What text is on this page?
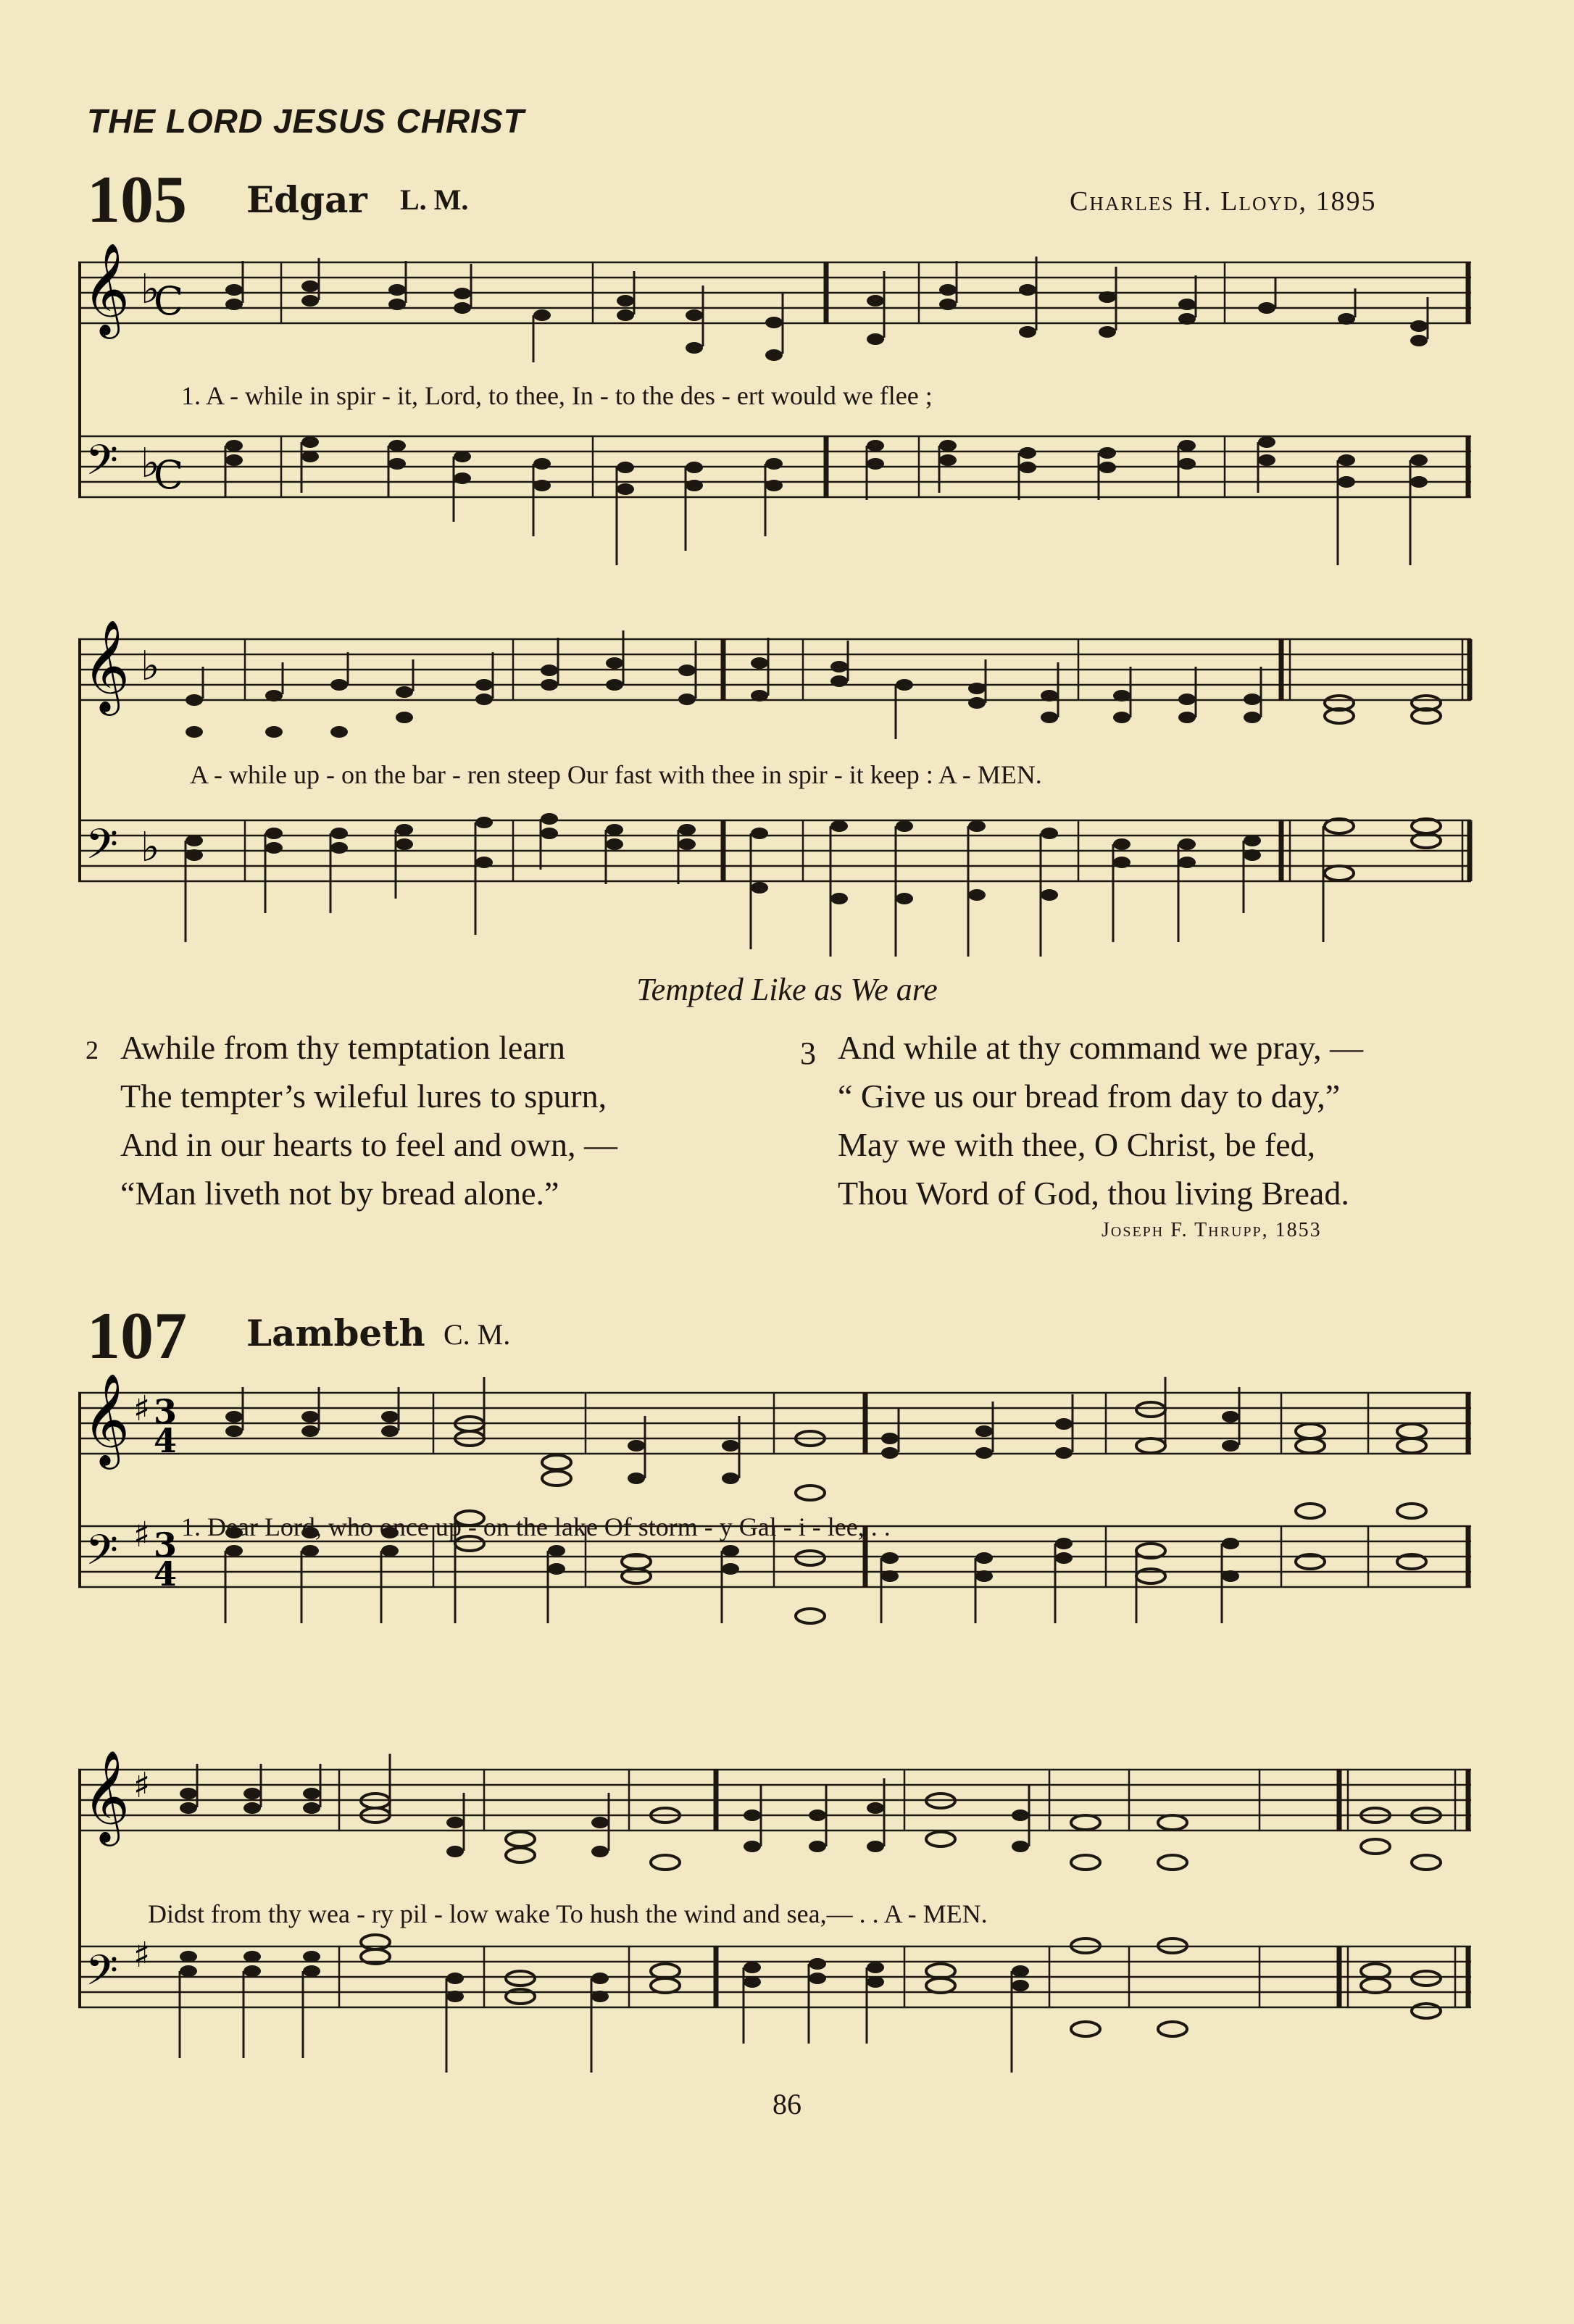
THE LORD JESUS CHRIST
105 Edgar L. M.	Charles H. Lloyd, 1895
𝄞
𝄢
♭
C
♭
C
1. A - while in spir - it, Lord, to thee, In - to the des - ert would we flee ;
𝄞
𝄢
♭
♭
A - while up - on the bar - ren steep Our fast with thee in spir - it keep : A - MEN.
Tempted Like as We are
2 Awhile from thy temptation learn
The tempter’s wileful lures to spurn,
And in our hearts to feel and own, —
“Man liveth not by bread alone.”
3 And while at thy command we pray, —
“ Give us our bread from day to day,”
May we with thee, O Christ, be fed,
Thou Word of God, thou living Bread.
Joseph F. Thrupp, 1853
107 Lambeth C. M.
𝄞
𝄢
♯ 3
4
♯ 3
4
1. Dear Lord, who once up - on the lake Of storm - y Gal - i - lee, . .
𝄞
𝄢
♯
♯
Didst from thy wea - ry pil - low wake To hush the wind and sea,— . . A - MEN.
86
